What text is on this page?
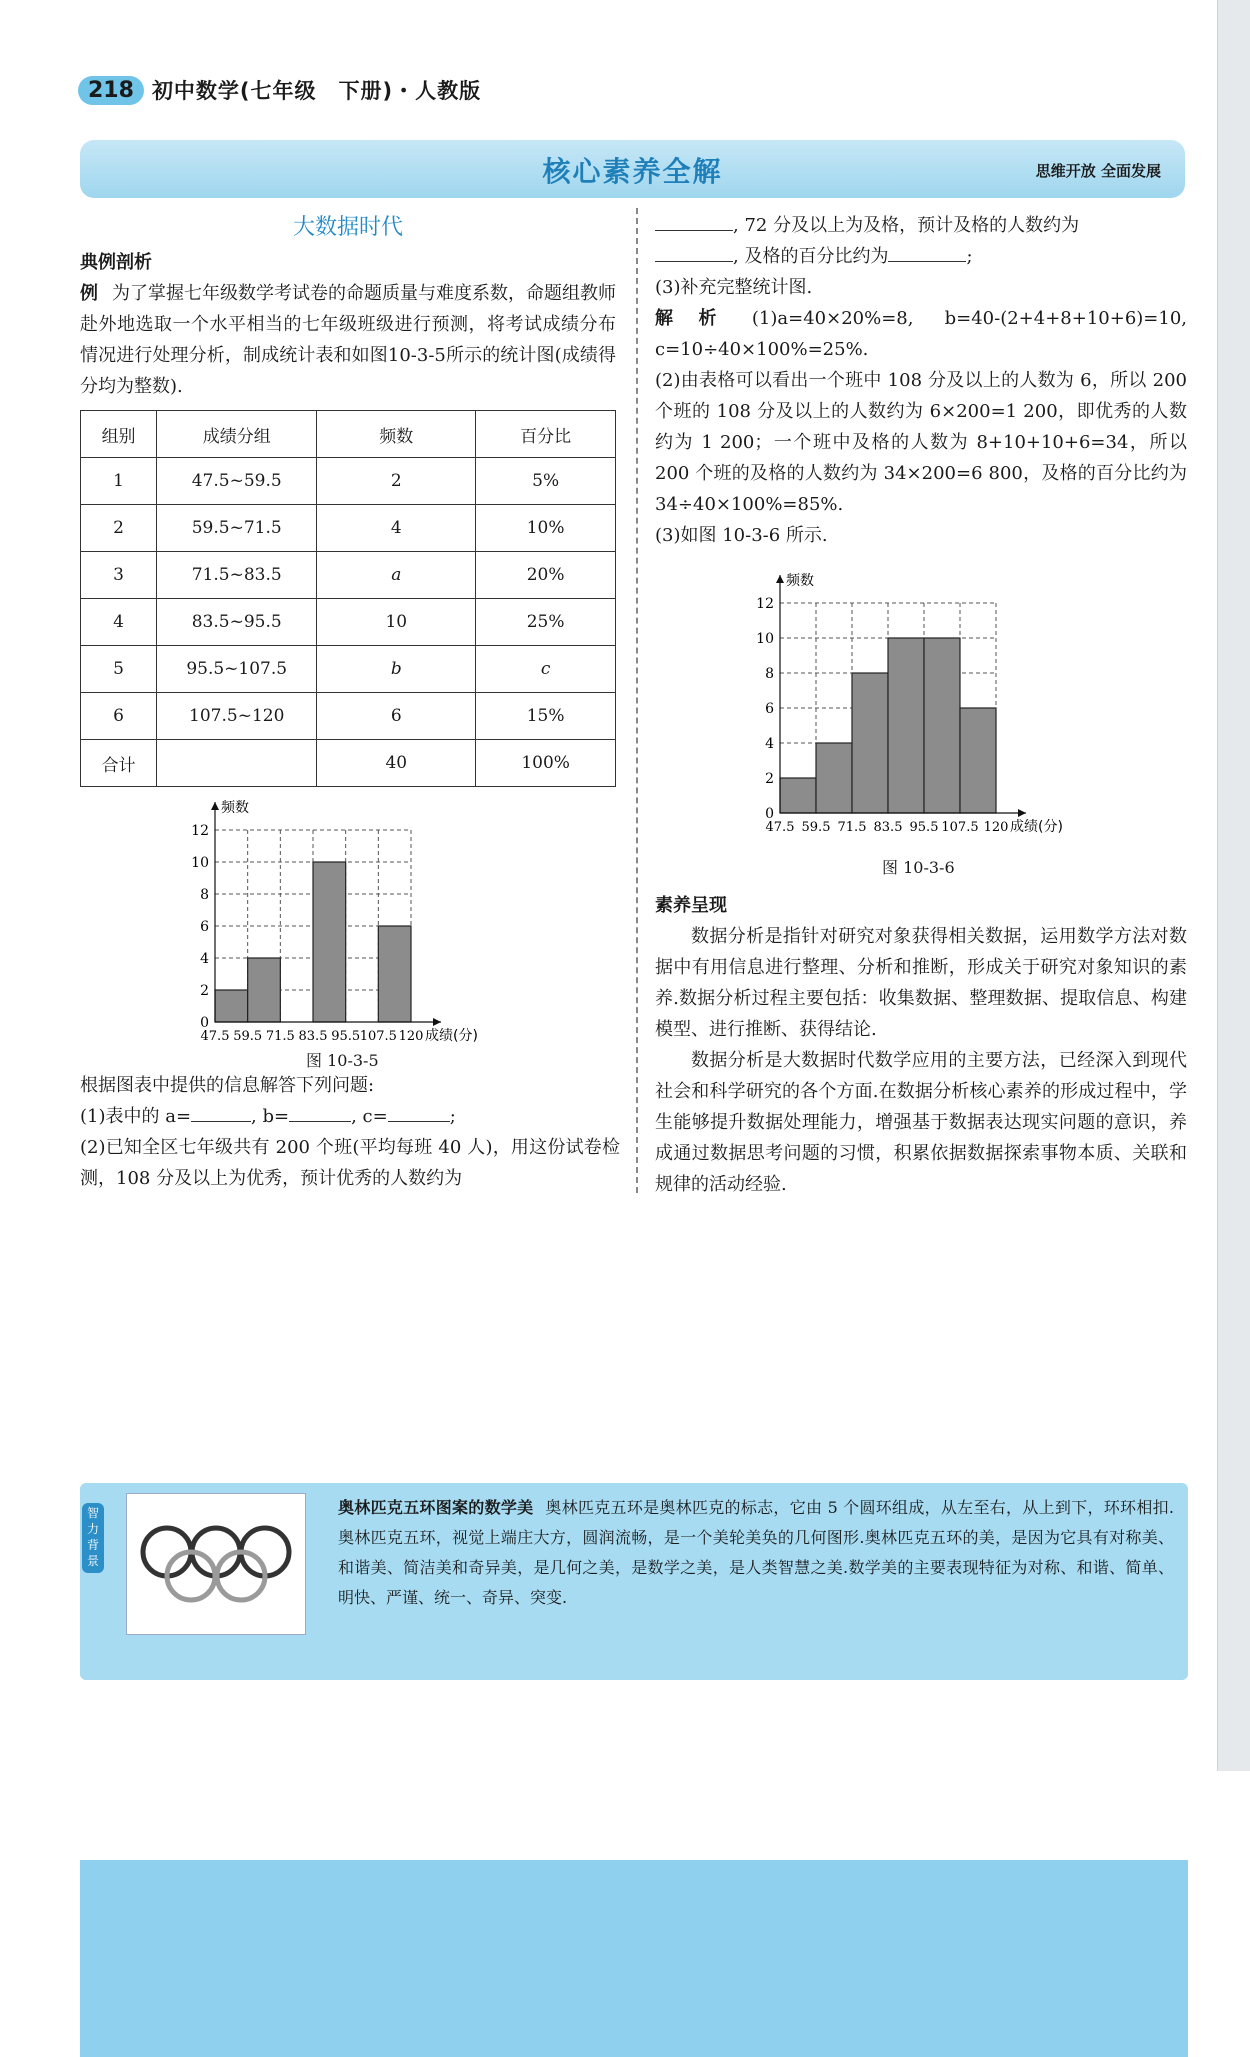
218 初中数学(七年级　下册)・人教版
核心素养全解	思维开放 全面发展

大数据时代

典例剖析

例 为了掌握七年级数学考试卷的命题质量与难度系数，命题组教师赴外地选取一个水平相当的七年级班级进行预测，将考试成绩分布情况进行处理分析，制成统计表和如图10-3-5所示的统计图(成绩得分均为整数).

组别	成绩分组	频数	百分比
1	47.5~59.5	2	5%
2	59.5~71.5	4	10%
3	71.5~83.5	a	20%
4	83.5~95.5	10	25%
5	95.5~107.5	b	c
6	107.5~120	6	15%
合计		40	100%
0
2
4
6
8
10
12
47.5 59.5 71.5 83.5 95.5 107.5 120
频数
成绩(分)
图 10-3-5

根据图表中提供的信息解答下列问题:

(1)表中的 a=	, b=	, c=	;

(2)已知全区七年级共有 200 个班(平均每班 40 人)，用这份试卷检测，108 分及以上为优秀，预计优秀的人数约为

, 72 分及以上为及格，预计及格的人数约为

, 及格的百分比约为	;

(3)补充完整统计图.

解析 (1)a=40×20%=8, b=40-(2+4+8+10+6)=10, c=10÷40×100%=25%.

(2)由表格可以看出一个班中 108 分及以上的人数为 6，所以 200 个班的 108 分及以上的人数约为 6×200=1 200，即优秀的人数约为 1 200；一个班中及格的人数为 8+10+10+6=34，所以 200 个班的及格的人数约为 34×200=6 800，及格的百分比约为 34÷40×100%=85%.

(3)如图 10-3-6 所示.

0
2
4
6
8
10
12
47.5 59.5 71.5 83.5 95.5 107.5 120
频数
成绩(分)
图 10-3-6

素养呈现

数据分析是指针对研究对象获得相关数据，运用数学方法对数据中有用信息进行整理、分析和推断，形成关于研究对象知识的素养.数据分析过程主要包括：收集数据、整理数据、提取信息、构建模型、进行推断、获得结论.

数据分析是大数据时代数学应用的主要方法，已经深入到现代社会和科学研究的各个方面.在数据分析核心素养的形成过程中，学生能够提升数据处理能力，增强基于数据表达现实问题的意识，养成通过数据思考问题的习惯，积累依据数据探索事物本质、关联和规律的活动经验.

智力背景
奥林匹克五环图案的数学美 奥林匹克五环是奥林匹克的标志，它由 5 个圆环组成，从左至右，从上到下，环环相扣.奥林匹克五环，视觉上端庄大方，圆润流畅，是一个美轮美奂的几何图形.奥林匹克五环的美，是因为它具有对称美、和谐美、简洁美和奇异美，是几何之美，是数学之美，是人类智慧之美.数学美的主要表现特征为对称、和谐、简单、明快、严谨、统一、奇异、突变.
